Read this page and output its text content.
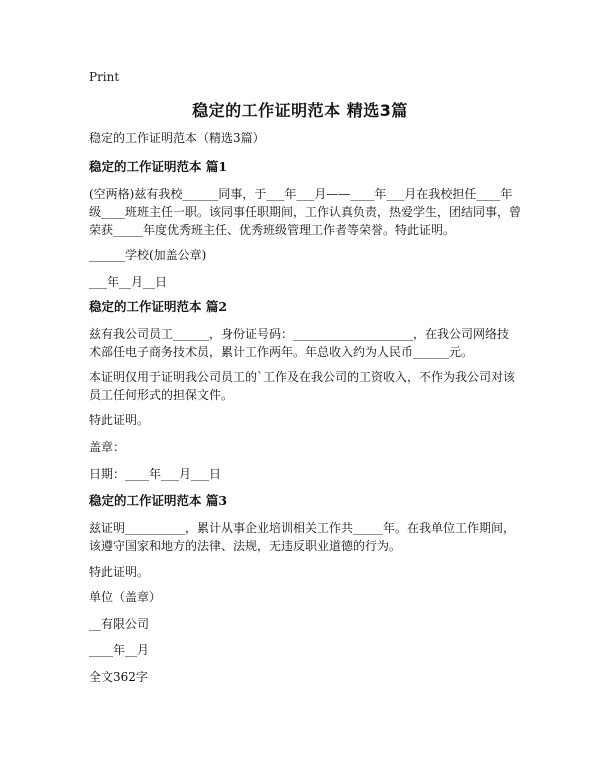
Print
稳定的工作证明范本 精选3篇
稳定的工作证明范本（精选3篇）
稳定的工作证明范本 篇1
(空两格)兹有我校______同事，于___年___月——____年___月在我校担任____年
级____班班主任一职。该同事任职期间，工作认真负责，热爱学生，团结同事，曾
荣获_____年度优秀班主任、优秀班级管理工作者等荣誉。特此证明。
______学校(加盖公章)
___年__月__日
稳定的工作证明范本 篇2
兹有我公司员工______，身份证号码：____________________，在我公司网络技
术部任电子商务技术员，累计工作两年。年总收入约为人民币______元。
本证明仅用于证明我公司员工的`工作及在我公司的工资收入，不作为我公司对该
员工任何形式的担保文件。
特此证明。
盖章：
日期：____年___月___日
稳定的工作证明范本 篇3
兹证明__________，累计从事企业培训相关工作共_____年。在我单位工作期间，
该遵守国家和地方的法律、法规，无违反职业道德的行为。
特此证明。
单位（盖章）
__有限公司
____年__月
全文362字
